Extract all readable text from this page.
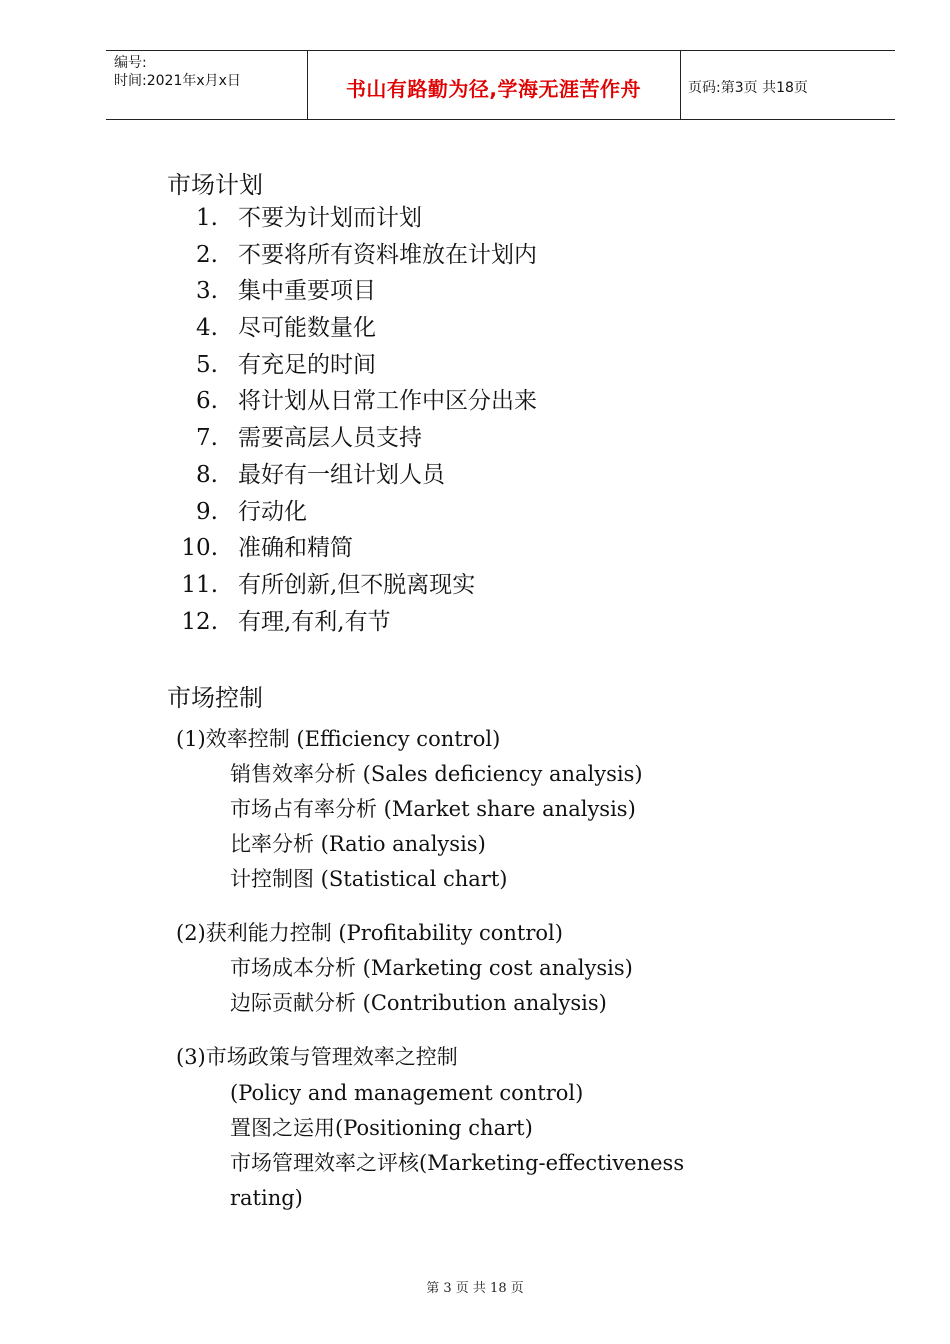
编号:
时间:2021年x月x日	书山有路勤为径,学海无涯苦作舟	页码:第3页 共18页
市场计划
1. 不要为计划而计划
2. 不要将所有资料堆放在计划内
3. 集中重要项目
4. 尽可能数量化
5. 有充足的时间
6. 将计划从日常工作中区分出来
7. 需要高层人员支持
8. 最好有一组计划人员
9. 行动化
10. 准确和精简
11. 有所创新,但不脱离现实
12. 有理,有利,有节
市场控制
(1)效率控制 (Efficiency control)
销售效率分析 (Sales deficiency analysis)
市场占有率分析 (Market share analysis)
比率分析 (Ratio analysis)
计控制图 (Statistical chart)
(2)获利能力控制 (Profitability control)
市场成本分析 (Marketing cost analysis)
边际贡献分析 (Contribution analysis)
(3)市场政策与管理效率之控制
(Policy and management control)
置图之运用(Positioning chart)
市场管理效率之评核(Marketing-effectiveness
rating)
第 3 页 共 18 页
